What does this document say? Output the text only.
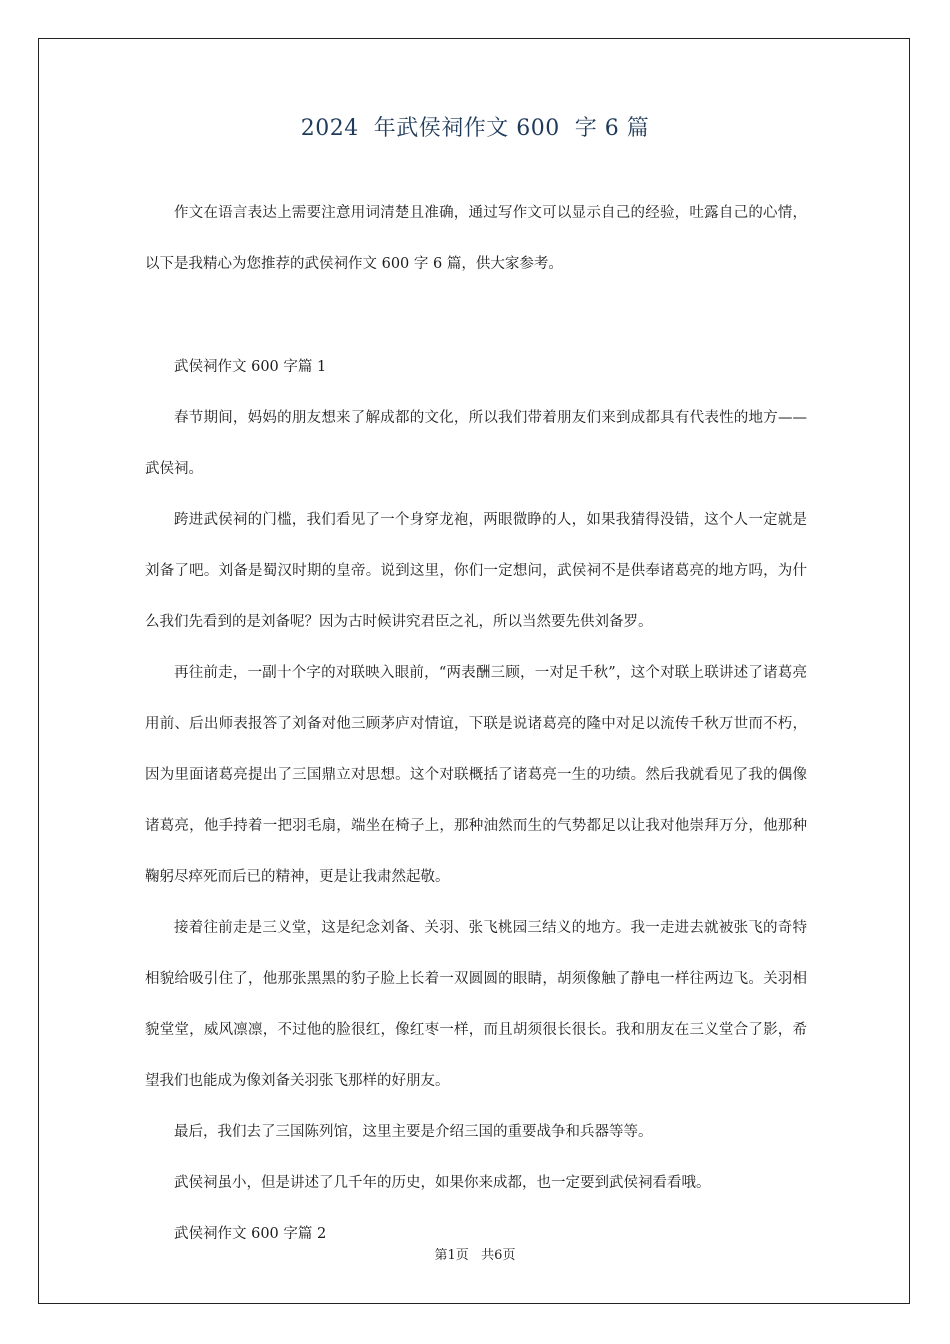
2024  年武侯祠作文 600  字 6 篇

作文在语言表达上需要注意用词清楚且准确，通过写作文可以显示自己的经验，吐露自己的心情，以下是我精心为您推荐的武侯祠作文 600 字 6 篇，供大家参考。

武侯祠作文 600 字篇 1

春节期间，妈妈的朋友想来了解成都的文化，所以我们带着朋友们来到成都具有代表性的地方——武侯祠。

跨进武侯祠的门槛，我们看见了一个身穿龙袍，两眼微睁的人，如果我猜得没错，这个人一定就是刘备了吧。刘备是蜀汉时期的皇帝。说到这里，你们一定想问，武侯祠不是供奉诸葛亮的地方吗，为什么我们先看到的是刘备呢？因为古时候讲究君臣之礼，所以当然要先供刘备罗。

再往前走，一副十个字的对联映入眼前，“两表酬三顾，一对足千秋”，这个对联上联讲述了诸葛亮用前、后出师表报答了刘备对他三顾茅庐对情谊，下联是说诸葛亮的隆中对足以流传千秋万世而不朽，因为里面诸葛亮提出了三国鼎立对思想。这个对联概括了诸葛亮一生的功绩。然后我就看见了我的偶像诸葛亮，他手持着一把羽毛扇，端坐在椅子上，那种油然而生的气势都足以让我对他崇拜万分，他那种鞠躬尽瘁死而后已的精神，更是让我肃然起敬。

接着往前走是三义堂，这是纪念刘备、关羽、张飞桃园三结义的地方。我一走进去就被张飞的奇特相貌给吸引住了，他那张黑黑的豹子脸上长着一双圆圆的眼睛，胡须像触了静电一样往两边飞。关羽相貌堂堂，威风凛凛，不过他的脸很红，像红枣一样，而且胡须很长很长。我和朋友在三义堂合了影，希望我们也能成为像刘备关羽张飞那样的好朋友。

最后，我们去了三国陈列馆，这里主要是介绍三国的重要战争和兵器等等。

武侯祠虽小，但是讲述了几千年的历史，如果你来成都，也一定要到武侯祠看看哦。

武侯祠作文 600 字篇 2

第1页   共6页
